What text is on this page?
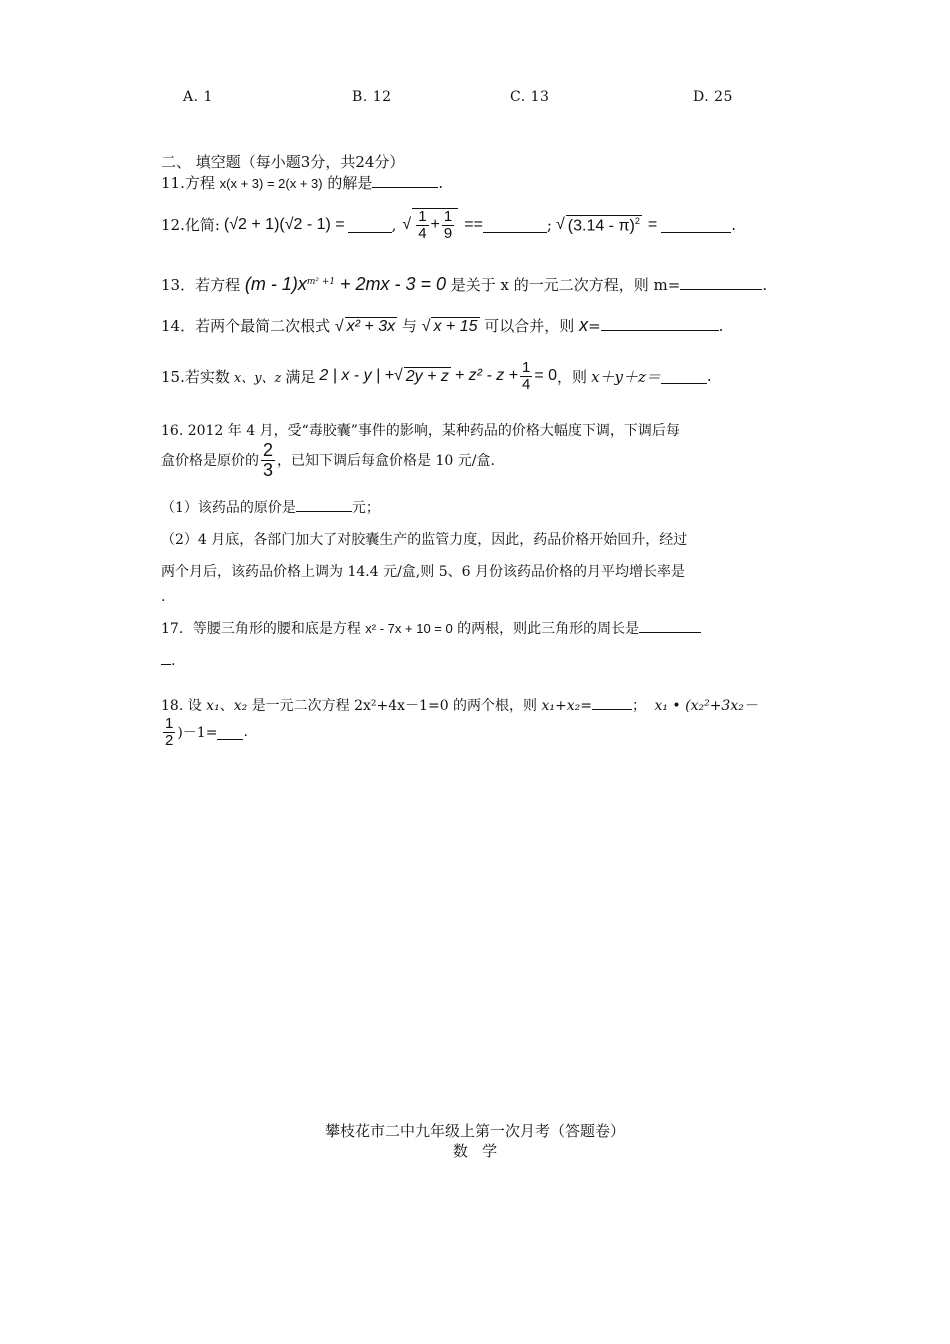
A. 1	B. 12	C. 13	D. 25
二、 填空题（每小题3分，共24分）
11.方程 x(x + 3) = 2(x + 3) 的解是	.
12.化简: (√2 + 1)(√2 - 1) =	, √ $\frac{1}{4} + \frac{1}{9}$ ==	; √ (3.14 - π)$^2$ =	.
13．若方程 $(m - 1)x^{m^2 +1} + 2mx - 3 = 0$ 是关于 x 的一元二次方程，则 m=	.
14．若两个最简二次根式 √ x² + 3x 与 √ x + 15 可以合并，则 x=	.
15.若实数 x、y、z 满足 2 | x - y | + √ $2y + z + z^2 - z + \frac{1}{4} = 0$ ，则 x＋y＋z＝	.
16. 2012 年 4 月，受“毒胶囊”事件的影响，某种药品的价格大幅度下调，下调后每
盒价格是原价的 $\frac{2}{3}$ ，已知下调后每盒价格是 10 元/盒.
（1）该药品的原价是	元；
（2）4 月底，各部门加大了对胶囊生产的监管力度，因此，药品价格开始回升，经过
两个月后，该药品价格上调为 14.4 元/盒,则 5、6 月份该药品价格的月平均增长率是
.
17．等腰三角形的腰和底是方程 x² - 7x + 10 = 0 的两根，则此三角形的周长是
.
18. 设 x₁、x₂ 是一元二次方程 2x²+4x－1=0 的两个根，则 x₁+x₂=	； x₁ • (x₂²+3x₂－
$\frac{1}{2} )-1=$ .
攀枝花市二中九年级上第一次月考（答题卷）
数   学
